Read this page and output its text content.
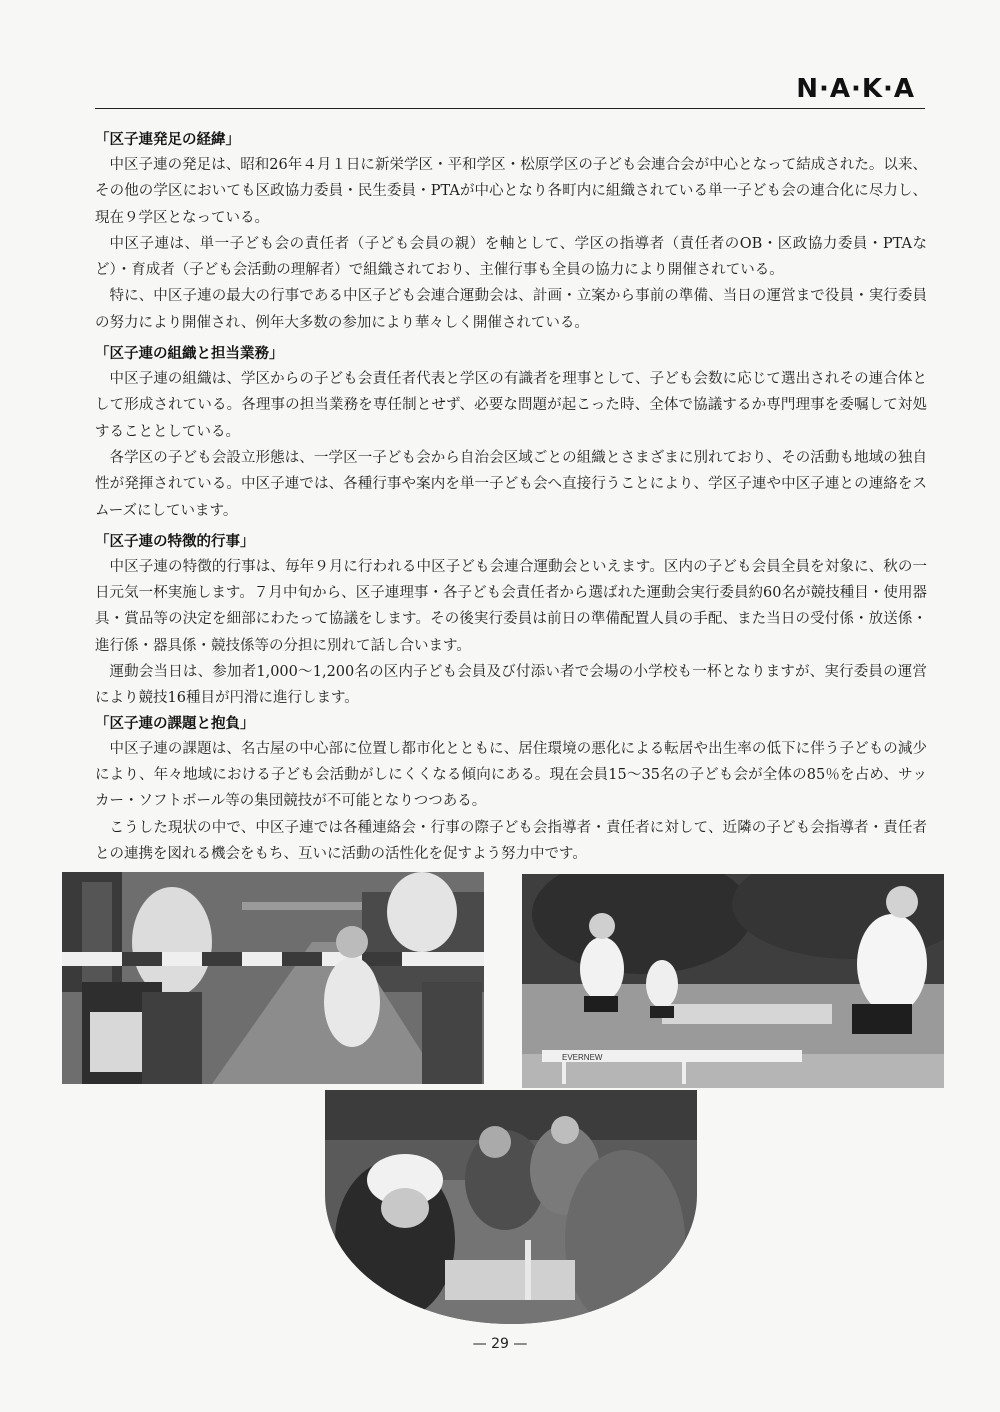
N·A·K·A
「区子連発足の経緯」

中区子連の発足は、昭和26年４月１日に新栄学区・平和学区・松原学区の子ども会連合会が中心となって結成された。以来、その他の学区においても区政協力委員・民生委員・PTAが中心となり各町内に組織されている単一子ども会の連合化に尽力し、現在９学区となっている。

中区子連は、単一子ども会の責任者（子ども会員の親）を軸として、学区の指導者（責任者のOB・区政協力委員・PTAなど）・育成者（子ども会活動の理解者）で組織されており、主催行事も全員の協力により開催されている。

特に、中区子連の最大の行事である中区子ども会連合運動会は、計画・立案から事前の準備、当日の運営まで役員・実行委員の努力により開催され、例年大多数の参加により華々しく開催されている。

「区子連の組織と担当業務」

中区子連の組織は、学区からの子ども会責任者代表と学区の有識者を理事として、子ども会数に応じて選出されその連合体として形成されている。各理事の担当業務を専任制とせず、必要な問題が起こった時、全体で協議するか専門理事を委嘱して対処することとしている。

各学区の子ども会設立形態は、一学区一子ども会から自治会区域ごとの組織とさまざまに別れており、その活動も地域の独自性が発揮されている。中区子連では、各種行事や案内を単一子ども会へ直接行うことにより、学区子連や中区子連との連絡をスムーズにしています。

「区子連の特徴的行事」

中区子連の特徴的行事は、毎年９月に行われる中区子ども会連合運動会といえます。区内の子ども会員全員を対象に、秋の一日元気一杯実施します。７月中旬から、区子連理事・各子ども会責任者から選ばれた運動会実行委員約60名が競技種目・使用器具・賞品等の決定を細部にわたって協議をします。その後実行委員は前日の準備配置人員の手配、また当日の受付係・放送係・進行係・器具係・競技係等の分担に別れて話し合います。

運動会当日は、参加者1,000〜1,200名の区内子ども会員及び付添い者で会場の小学校も一杯となりますが、実行委員の運営により競技16種目が円滑に進行します。

「区子連の課題と抱負」

中区子連の課題は、名古屋の中心部に位置し都市化とともに、居住環境の悪化による転居や出生率の低下に伴う子どもの減少により、年々地域における子ども会活動がしにくくなる傾向にある。現在会員15〜35名の子ども会が全体の85％を占め、サッカー・ソフトボール等の集団競技が不可能となりつつある。

こうした現状の中で、中区子連では各種連絡会・行事の際子ども会指導者・責任者に対して、近隣の子ども会指導者・責任者との連携を図れる機会をもち、互いに活動の活性化を促すよう努力中です。

EVERNEW
— 29 —
